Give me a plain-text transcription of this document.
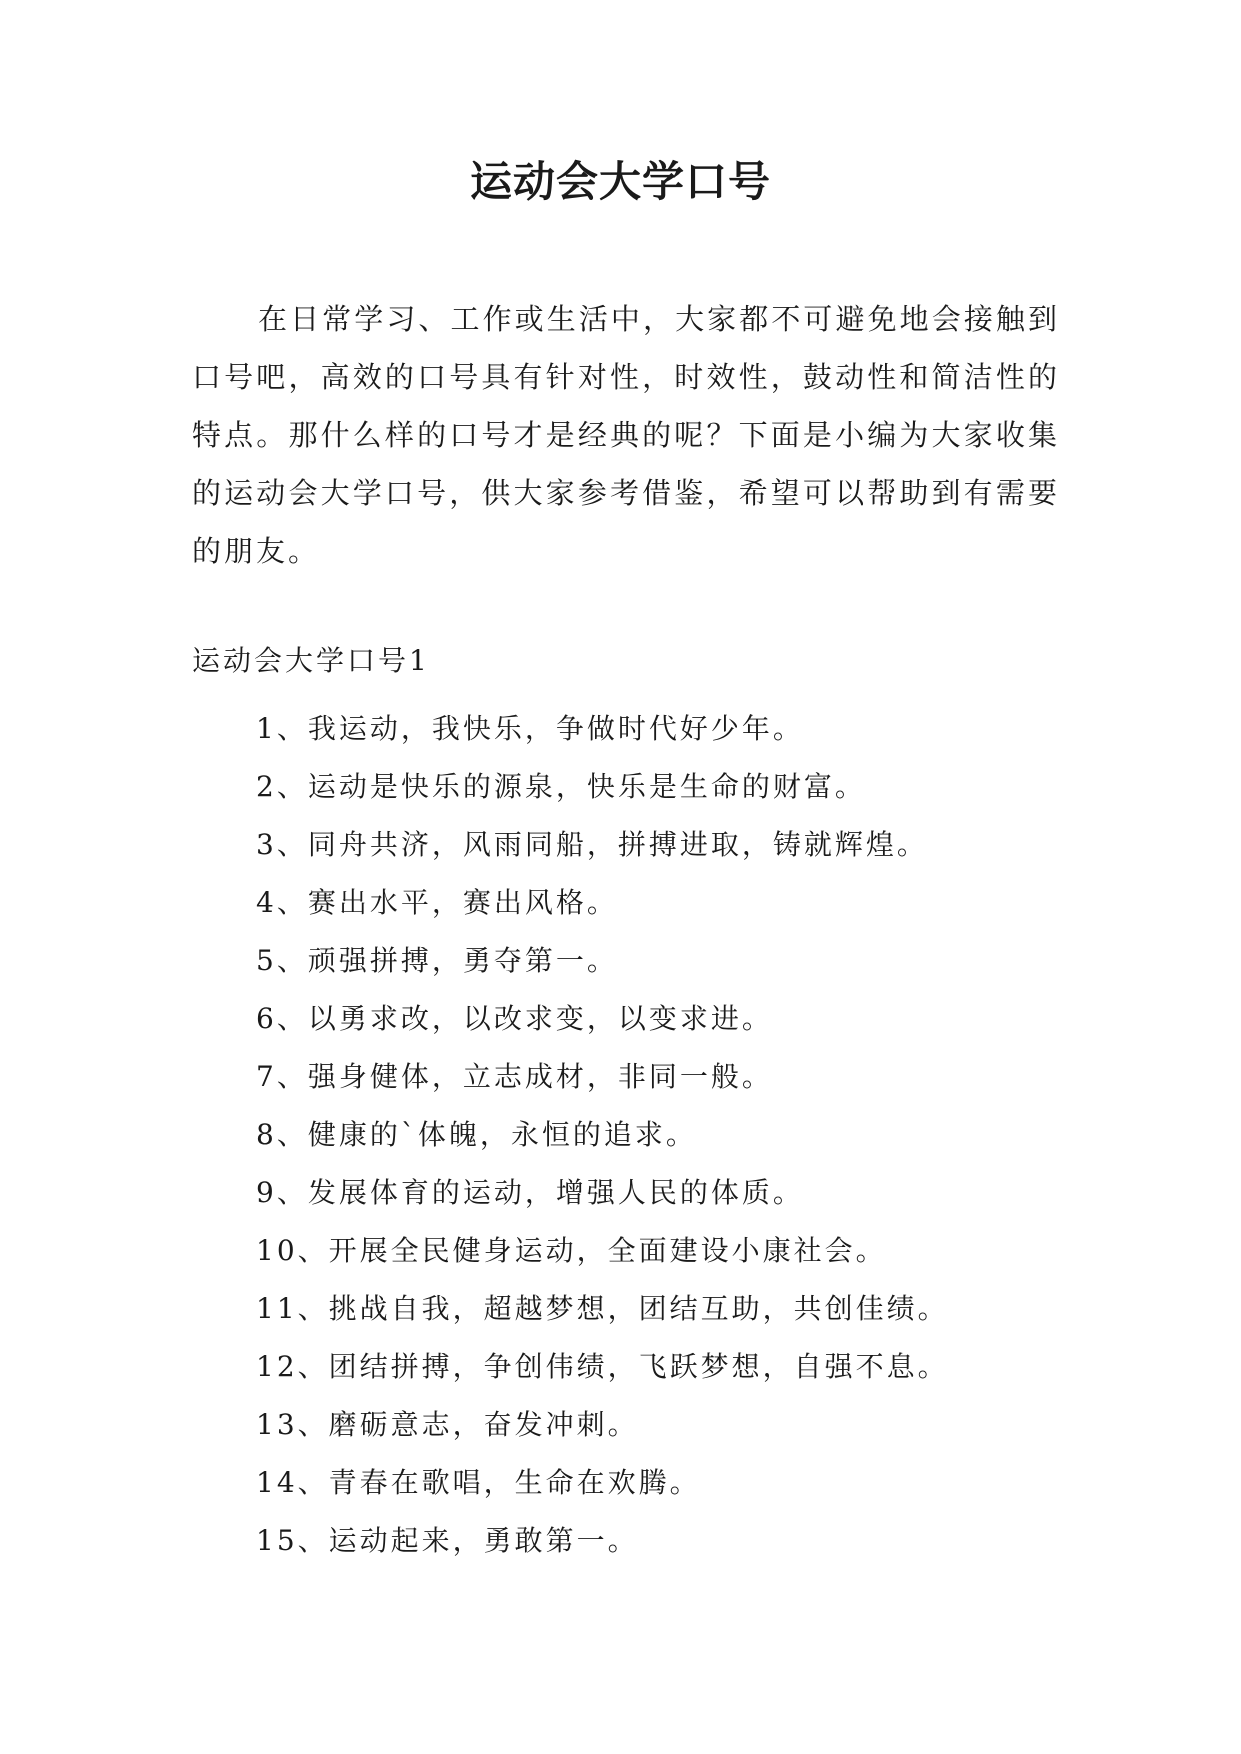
运动会大学口号

在日常学习、工作或生活中，大家都不可避免地会接触到口号吧，高效的口号具有针对性，时效性，鼓动性和简洁性的特点。那什么样的口号才是经典的呢？下面是小编为大家收集的运动会大学口号，供大家参考借鉴，希望可以帮助到有需要的朋友。

运动会大学口号1
1、我运动，我快乐，争做时代好少年。
2、运动是快乐的源泉，快乐是生命的财富。
3、同舟共济，风雨同船，拼搏进取，铸就辉煌。
4、赛出水平，赛出风格。
5、顽强拼搏，勇夺第一。
6、以勇求改，以改求变，以变求进。
7、强身健体，立志成材，非同一般。
8、健康的`体魄，永恒的追求。
9、发展体育的运动，增强人民的体质。
10、开展全民健身运动，全面建设小康社会。
11、挑战自我，超越梦想，团结互助，共创佳绩。
12、团结拼搏，争创伟绩，飞跃梦想，自强不息。
13、磨砺意志，奋发冲刺。
14、青春在歌唱，生命在欢腾。
15、运动起来，勇敢第一。
